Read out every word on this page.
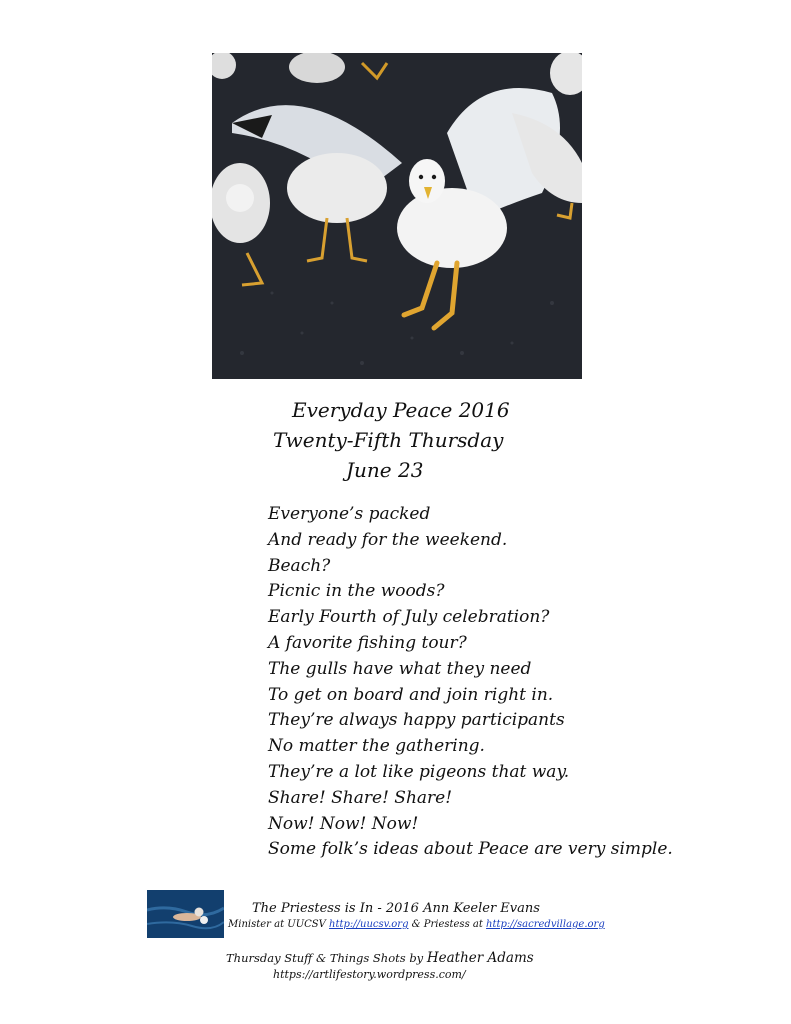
Everyday Peace 2016
Twenty-Fifth Thursday
June 23
Everyone’s packed
And ready for the weekend.
Beach?
Picnic in the woods?
Early Fourth of July celebration?
A favorite fishing tour?
The gulls have what they need
To get on board and join right in.
They’re always happy participants
No matter the gathering.
They’re a lot like pigeons that way.
Share! Share! Share!
Now! Now! Now!
Some folk’s ideas about Peace are very simple.
The Priestess is In - 2016 Ann Keeler Evans
Minister at UUCSV http://uucsv.org & Priestess at http://sacredvillage.org
Thursday Stuff & Things Shots by Heather Adams
https://artlifestory.wordpress.com/
